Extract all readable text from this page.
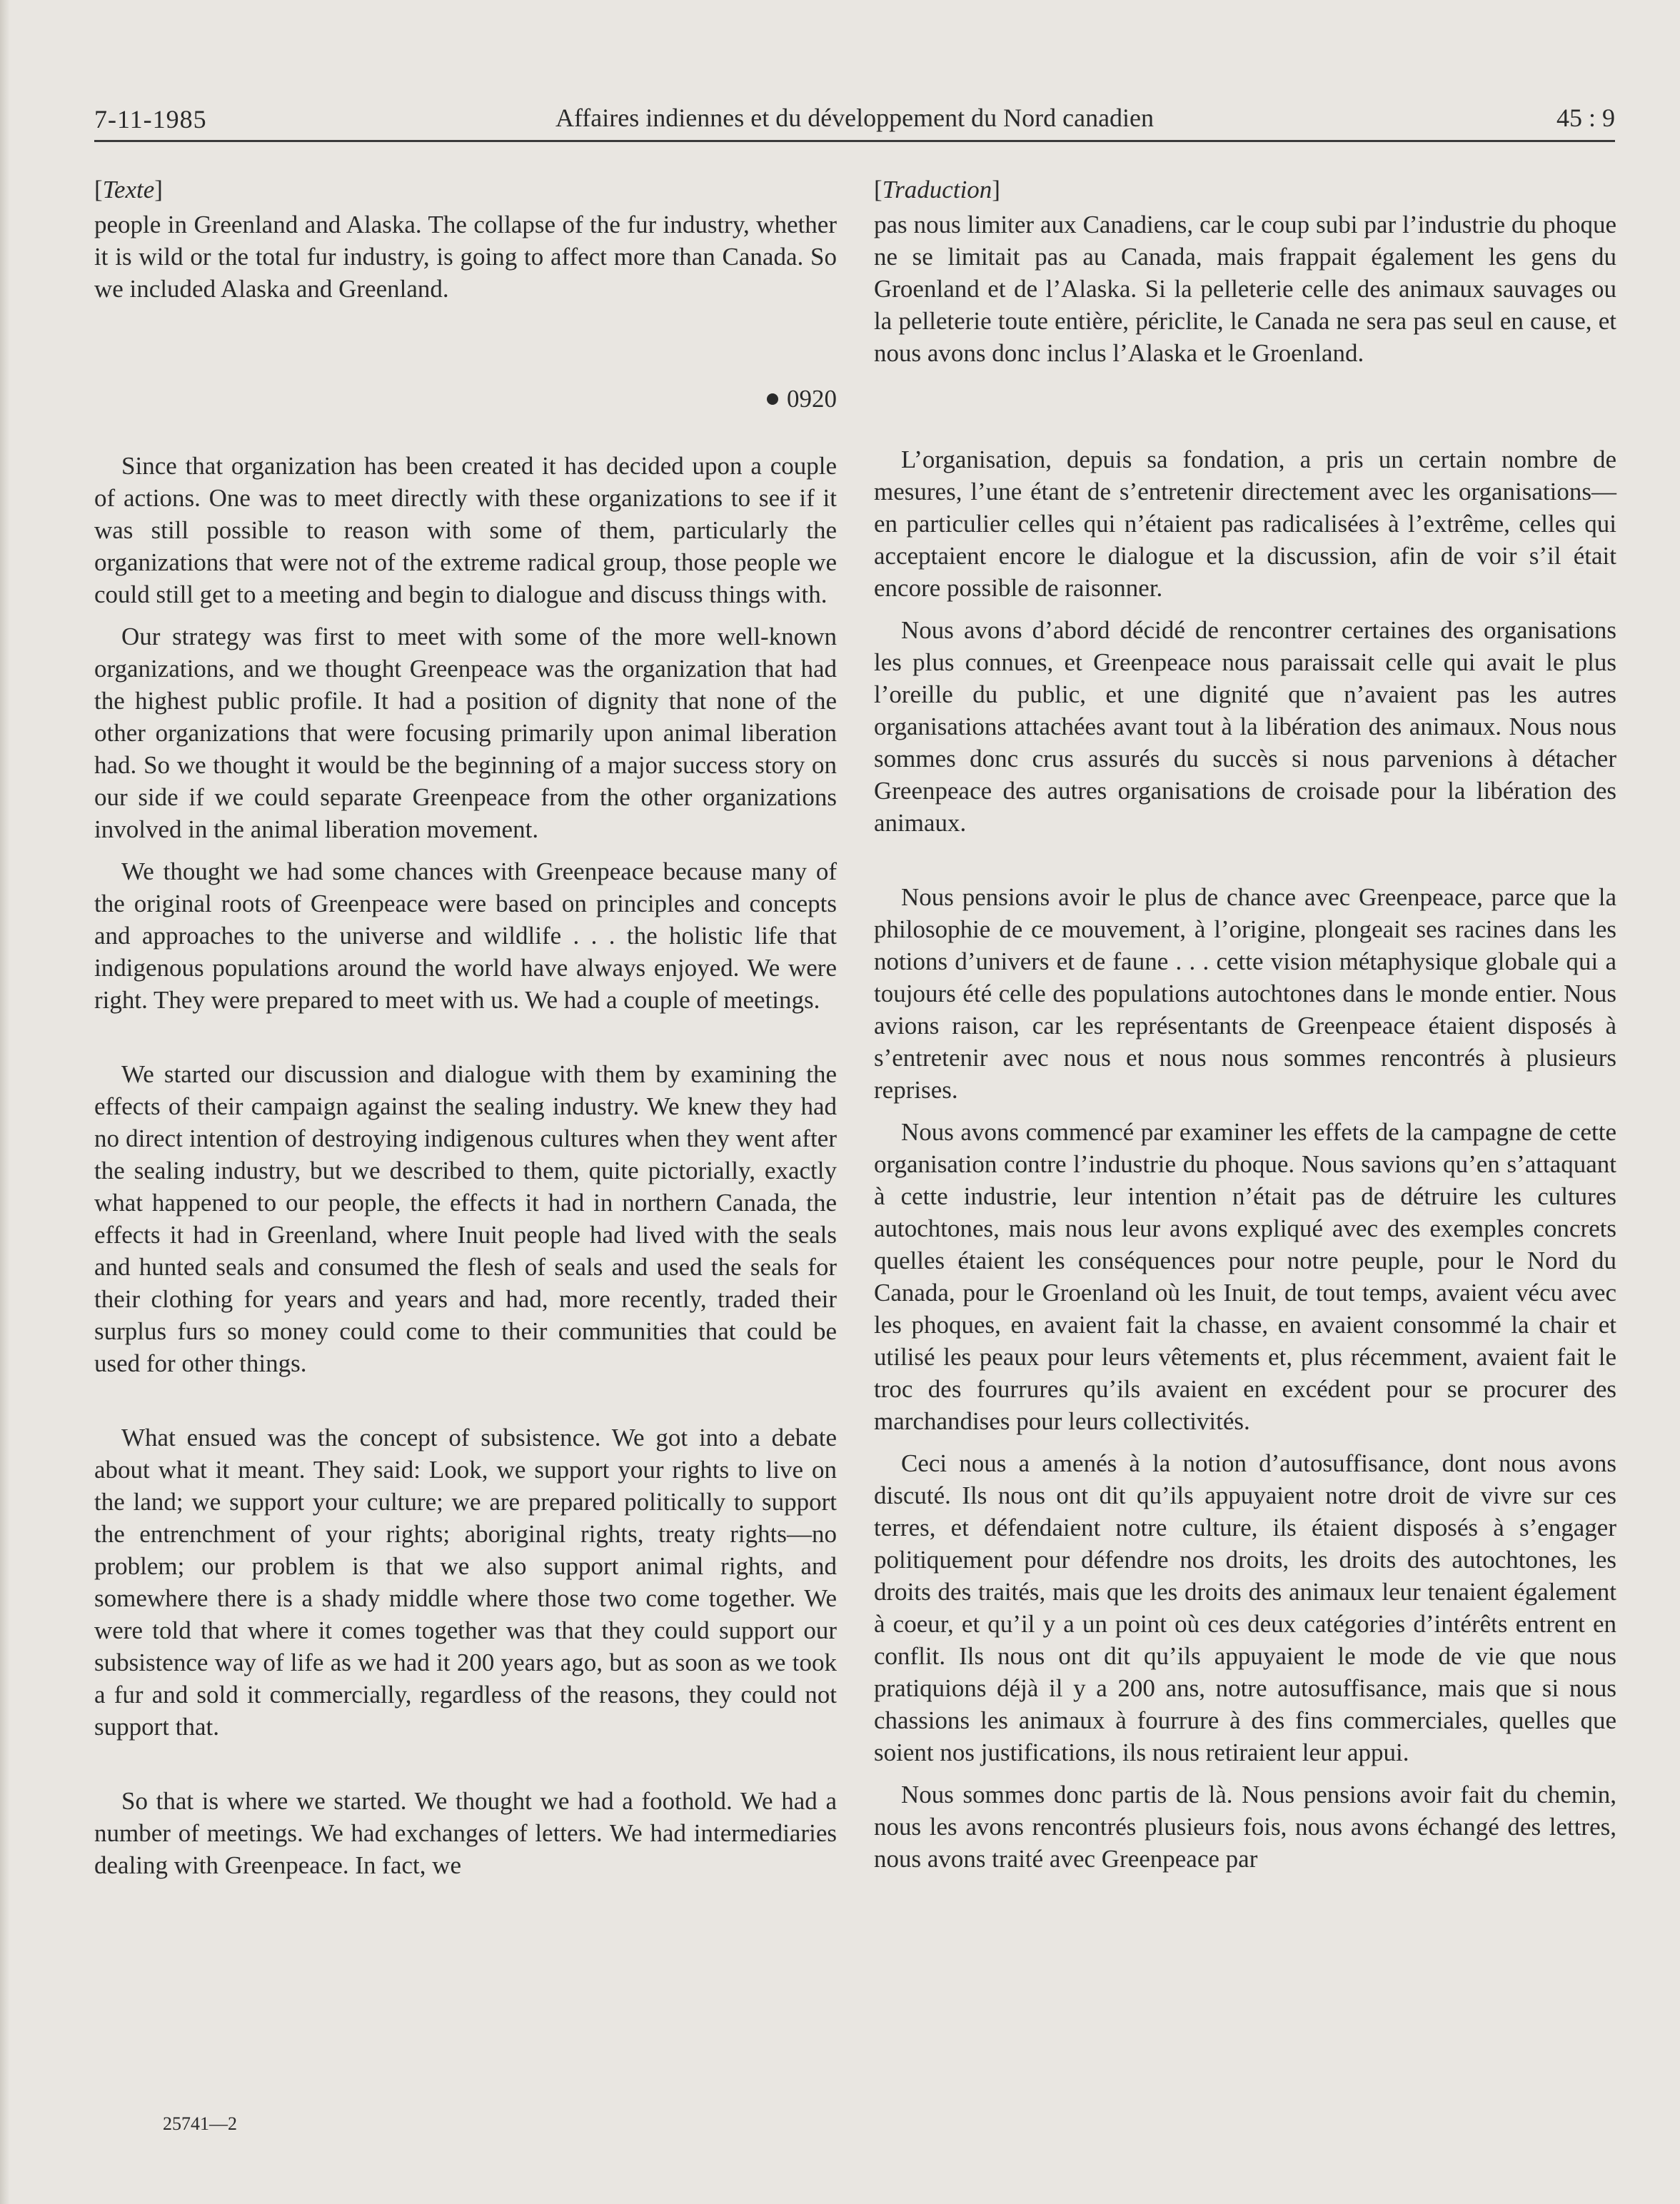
7-11-1985	Affaires indiennes et du développement du Nord canadien	45 : 9
[Texte]

people in Greenland and Alaska. The collapse of the fur industry, whether it is wild or the total fur industry, is going to affect more than Canada. So we included Alaska and Greenland.

0920

Since that organization has been created it has decided upon a couple of actions. One was to meet directly with these organizations to see if it was still possible to reason with some of them, particularly the organizations that were not of the extreme radical group, those people we could still get to a meeting and begin to dialogue and discuss things with.

Our strategy was first to meet with some of the more well-known organizations, and we thought Greenpeace was the organization that had the highest public profile. It had a position of dignity that none of the other organizations that were focusing primarily upon animal liberation had. So we thought it would be the beginning of a major success story on our side if we could separate Greenpeace from the other organizations involved in the animal liberation movement.

We thought we had some chances with Greenpeace because many of the original roots of Greenpeace were based on principles and concepts and approaches to the universe and wildlife . . . the holistic life that indigenous populations around the world have always enjoyed. We were right. They were prepared to meet with us. We had a couple of meetings.

We started our discussion and dialogue with them by examining the effects of their campaign against the sealing industry. We knew they had no direct intention of destroying indigenous cultures when they went after the sealing industry, but we described to them, quite pictorially, exactly what happened to our people, the effects it had in northern Canada, the effects it had in Greenland, where Inuit people had lived with the seals and hunted seals and consumed the flesh of seals and used the seals for their clothing for years and years and had, more recently, traded their surplus furs so money could come to their communities that could be used for other things.

What ensued was the concept of subsistence. We got into a debate about what it meant. They said: Look, we support your rights to live on the land; we support your culture; we are prepared politically to support the entrenchment of your rights; aboriginal rights, treaty rights—no problem; our problem is that we also support animal rights, and somewhere there is a shady middle where those two come together. We were told that where it comes together was that they could support our subsistence way of life as we had it 200 years ago, but as soon as we took a fur and sold it commercially, regardless of the reasons, they could not support that.

So that is where we started. We thought we had a foothold. We had a number of meetings. We had exchanges of letters. We had intermediaries dealing with Greenpeace. In fact, we

[Traduction]

pas nous limiter aux Canadiens, car le coup subi par l’industrie du phoque ne se limitait pas au Canada, mais frappait également les gens du Groenland et de l’Alaska. Si la pelleterie celle des animaux sauvages ou la pelleterie toute entière, périclite, le Canada ne sera pas seul en cause, et nous avons donc inclus l’Alaska et le Groenland.

L’organisation, depuis sa fondation, a pris un certain nombre de mesures, l’une étant de s’entretenir directement avec les organisations—en particulier celles qui n’étaient pas radicalisées à l’extrême, celles qui acceptaient encore le dialogue et la discussion, afin de voir s’il était encore possible de raisonner.

Nous avons d’abord décidé de rencontrer certaines des organisations les plus connues, et Greenpeace nous paraissait celle qui avait le plus l’oreille du public, et une dignité que n’avaient pas les autres organisations attachées avant tout à la libération des animaux. Nous nous sommes donc crus assurés du succès si nous parvenions à détacher Greenpeace des autres organisations de croisade pour la libération des animaux.

Nous pensions avoir le plus de chance avec Greenpeace, parce que la philosophie de ce mouvement, à l’origine, plongeait ses racines dans les notions d’univers et de faune . . . cette vision métaphysique globale qui a toujours été celle des populations autochtones dans le monde entier. Nous avions raison, car les représentants de Greenpeace étaient disposés à s’entretenir avec nous et nous nous sommes rencontrés à plusieurs reprises.

Nous avons commencé par examiner les effets de la campagne de cette organisation contre l’industrie du phoque. Nous savions qu’en s’attaquant à cette industrie, leur intention n’était pas de détruire les cultures autochtones, mais nous leur avons expliqué avec des exemples concrets quelles étaient les conséquences pour notre peuple, pour le Nord du Canada, pour le Groenland où les Inuit, de tout temps, avaient vécu avec les phoques, en avaient fait la chasse, en avaient consommé la chair et utilisé les peaux pour leurs vêtements et, plus récemment, avaient fait le troc des fourrures qu’ils avaient en excédent pour se procurer des marchandises pour leurs collectivités.

Ceci nous a amenés à la notion d’autosuffisance, dont nous avons discuté. Ils nous ont dit qu’ils appuyaient notre droit de vivre sur ces terres, et défendaient notre culture, ils étaient disposés à s’engager politiquement pour défendre nos droits, les droits des autochtones, les droits des traités, mais que les droits des animaux leur tenaient également à coeur, et qu’il y a un point où ces deux catégories d’intérêts entrent en conflit. Ils nous ont dit qu’ils appuyaient le mode de vie que nous pratiquions déjà il y a 200 ans, notre autosuffisance, mais que si nous chassions les animaux à fourrure à des fins commerciales, quelles que soient nos justifications, ils nous retiraient leur appui.

Nous sommes donc partis de là. Nous pensions avoir fait du chemin, nous les avons rencontrés plusieurs fois, nous avons échangé des lettres, nous avons traité avec Greenpeace par

25741—2
